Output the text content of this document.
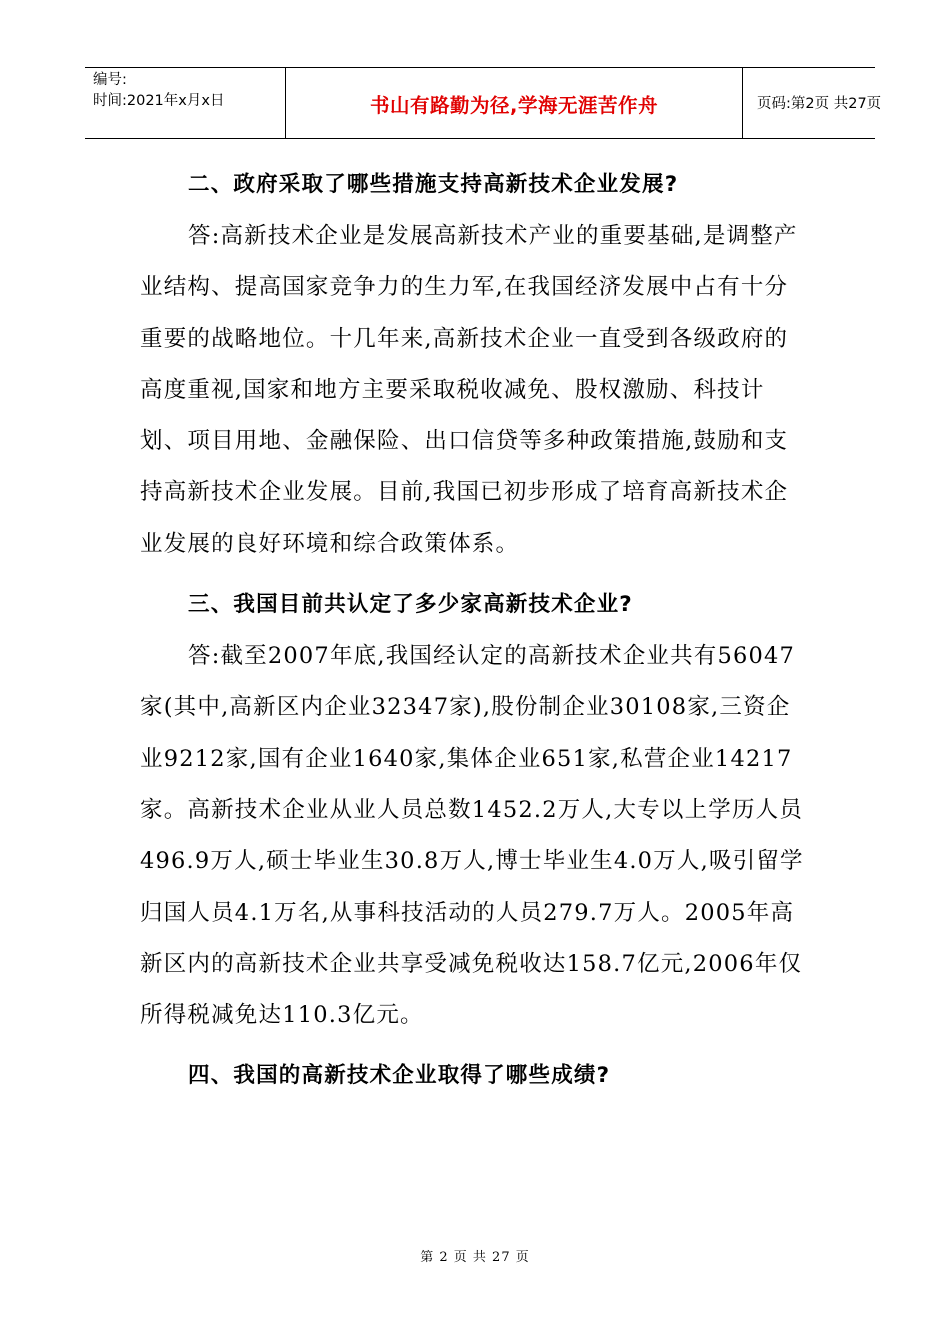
编号:
时间:2021年x月x日	书山有路勤为径,学海无涯苦作舟	页码:第2页 共27页
二、政府采取了哪些措施支持高新技术企业发展?

答:高新技术企业是发展高新技术产业的重要基础,是调整产业结构、提高国家竞争力的生力军,在我国经济发展中占有十分重要的战略地位。十几年来,高新技术企业一直受到各级政府的高度重视,国家和地方主要采取税收减免、股权激励、科技计划、项目用地、金融保险、出口信贷等多种政策措施,鼓励和支持高新技术企业发展。目前,我国已初步形成了培育高新技术企业发展的良好环境和综合政策体系。

三、我国目前共认定了多少家高新技术企业?

答:截至2007年底,我国经认定的高新技术企业共有56047家(其中,高新区内企业32347家),股份制企业30108家,三资企业9212家,国有企业1640家,集体企业651家,私营企业14217家。高新技术企业从业人员总数1452.2万人,大专以上学历人员496.9万人,硕士毕业生30.8万人,博士毕业生4.0万人,吸引留学归国人员4.1万名,从事科技活动的人员279.7万人。2005年高新区内的高新技术企业共享受减免税收达158.7亿元,2006年仅所得税减免达110.3亿元。

四、我国的高新技术企业取得了哪些成绩?
第 2 页 共 27 页
